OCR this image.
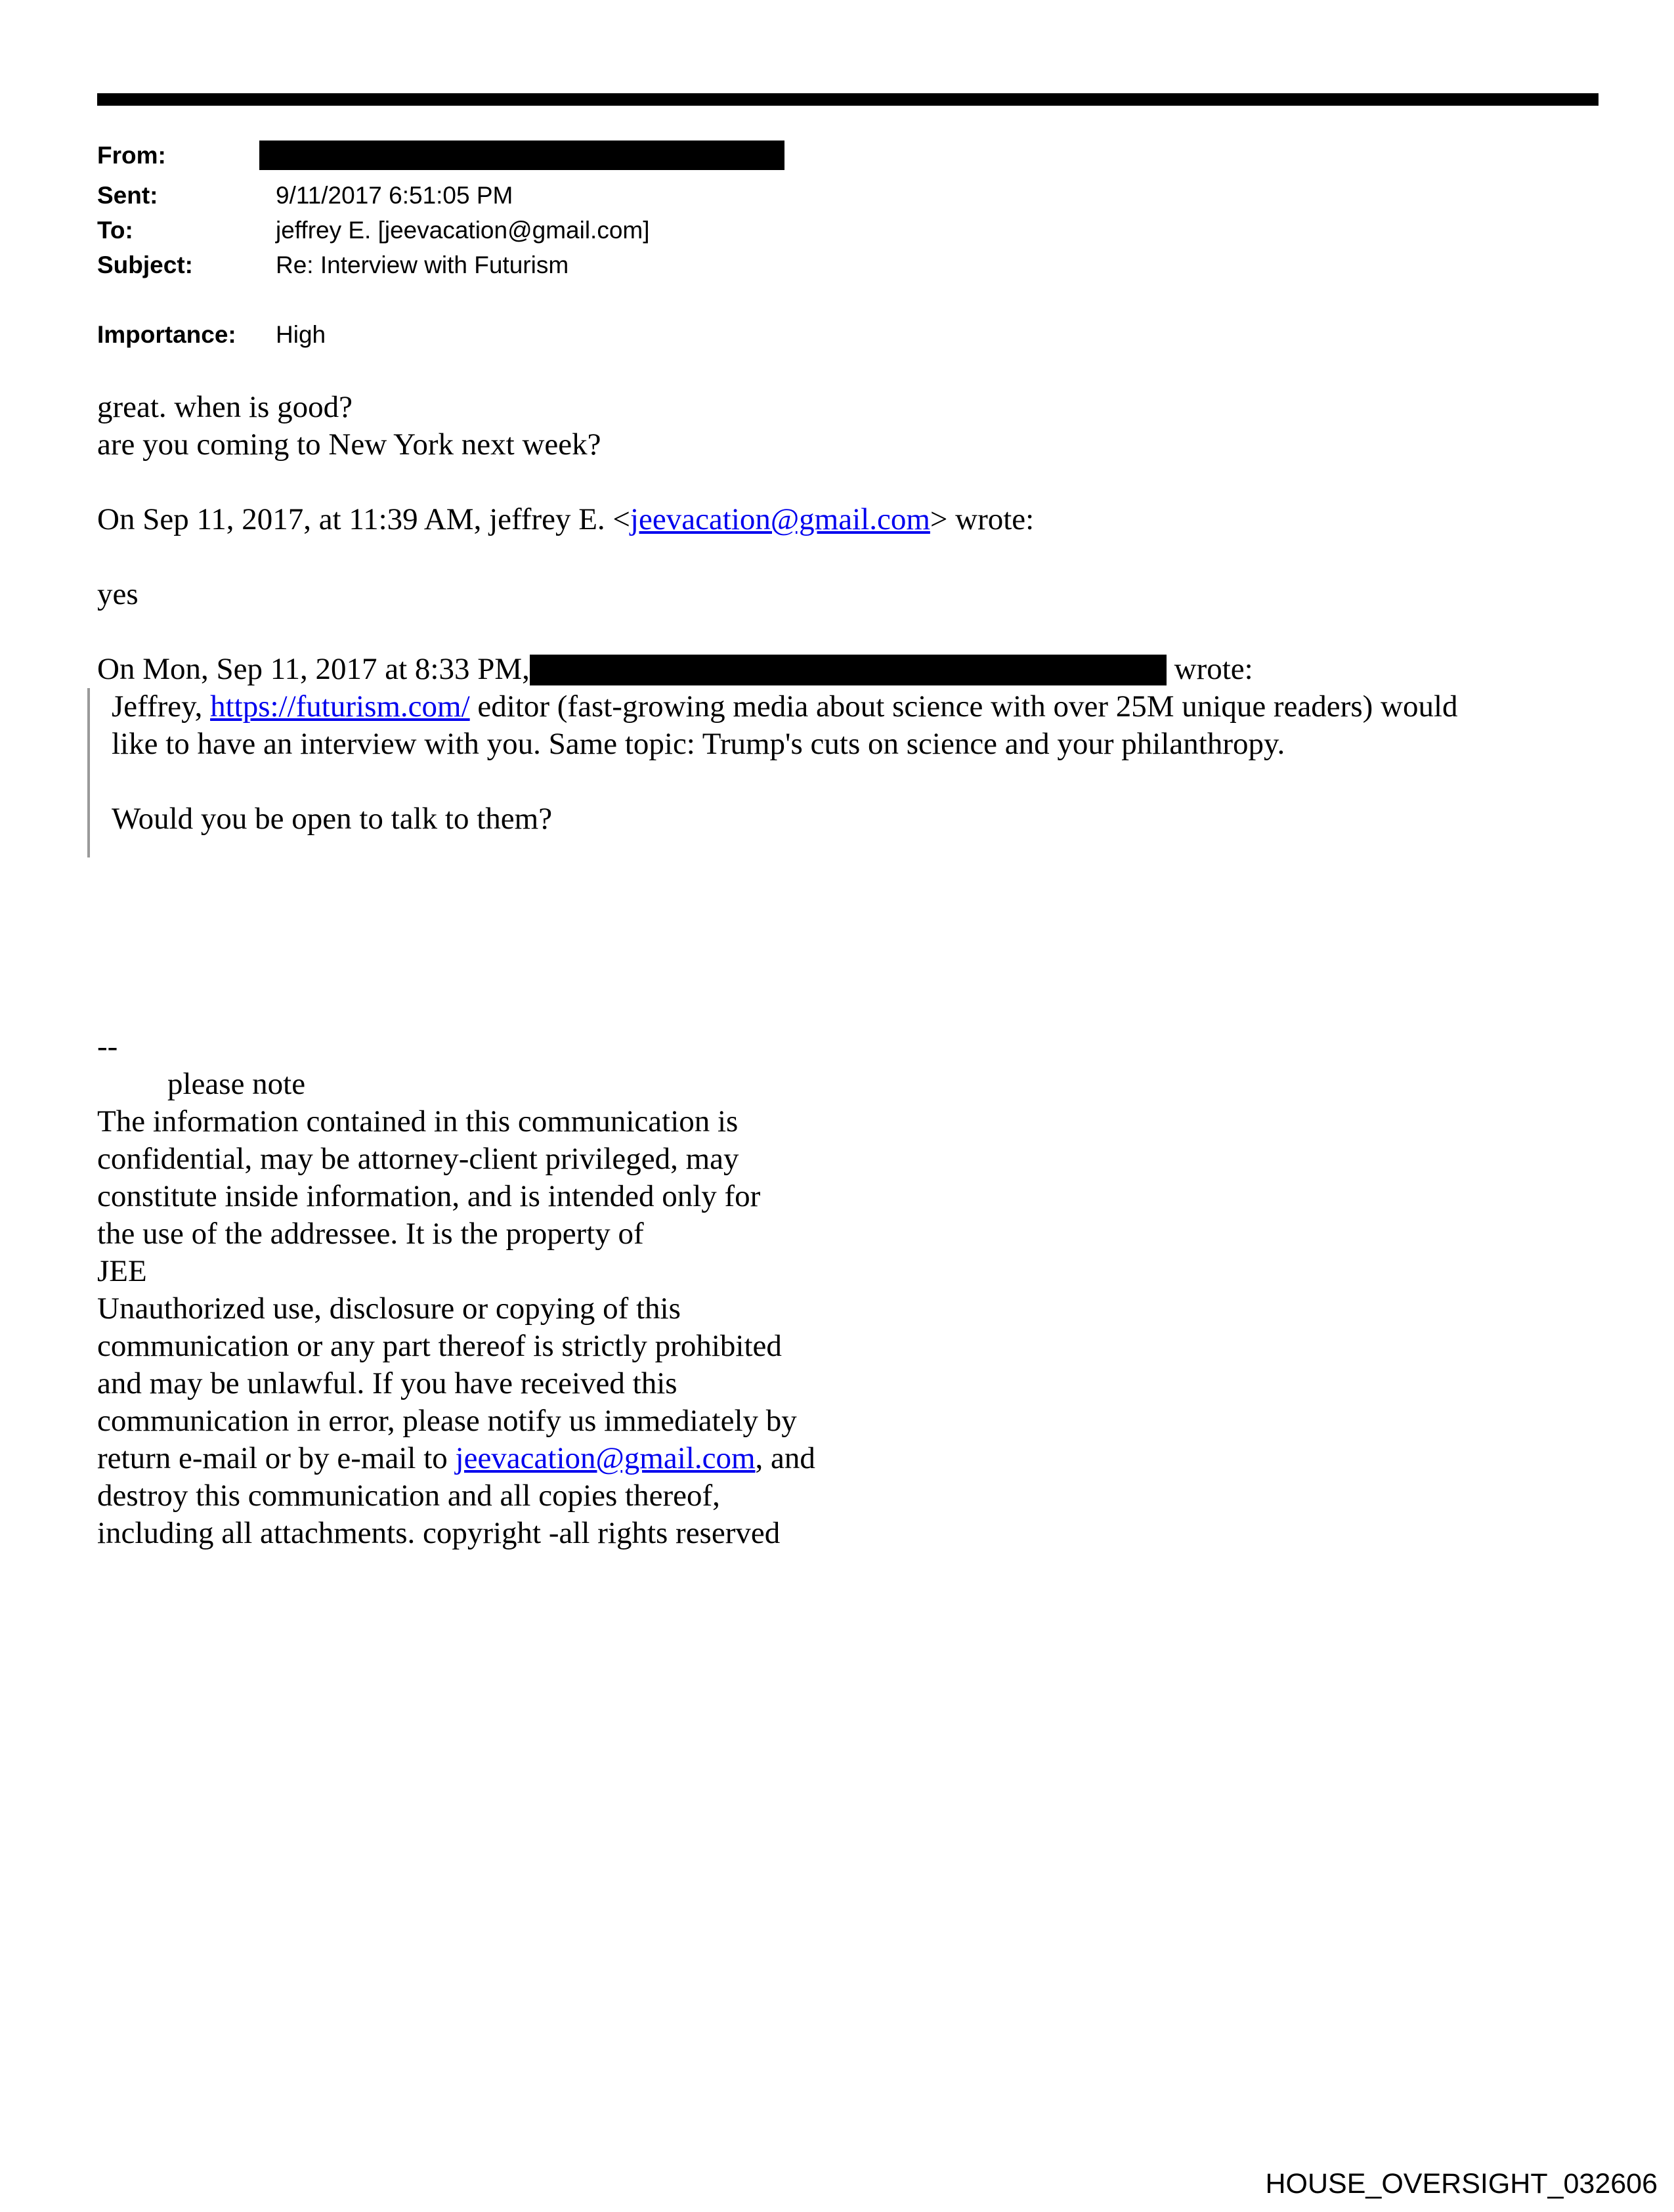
From:
Sent:	9/11/2017 6:51:05 PM
To:	jeffrey E. [jeevacation@gmail.com]
Subject:	Re: Interview with Futurism
Importance:	High
great. when is good?
are you coming to New York next week?
On Sep 11, 2017, at 11:39 AM, jeffrey E. <jeevacation@gmail.com> wrote:
yes
On Mon, Sep 11, 2017 at 8:33 PM,	wrote:
Jeffrey, https://futurism.com/ editor (fast-growing media about science with over 25M unique readers) would
like to have an interview with you. Same topic: Trump's cuts on science and your philanthropy.
Would you be open to talk to them?
--
please note
The information contained in this communication is
confidential, may be attorney-client privileged, may
constitute inside information, and is intended only for
the use of the addressee. It is the property of
JEE
Unauthorized use, disclosure or copying of this
communication or any part thereof is strictly prohibited
and may be unlawful. If you have received this
communication in error, please notify us immediately by
return e-mail or by e-mail to jeevacation@gmail.com, and
destroy this communication and all copies thereof,
including all attachments. copyright -all rights reserved
HOUSE_OVERSIGHT_032606
